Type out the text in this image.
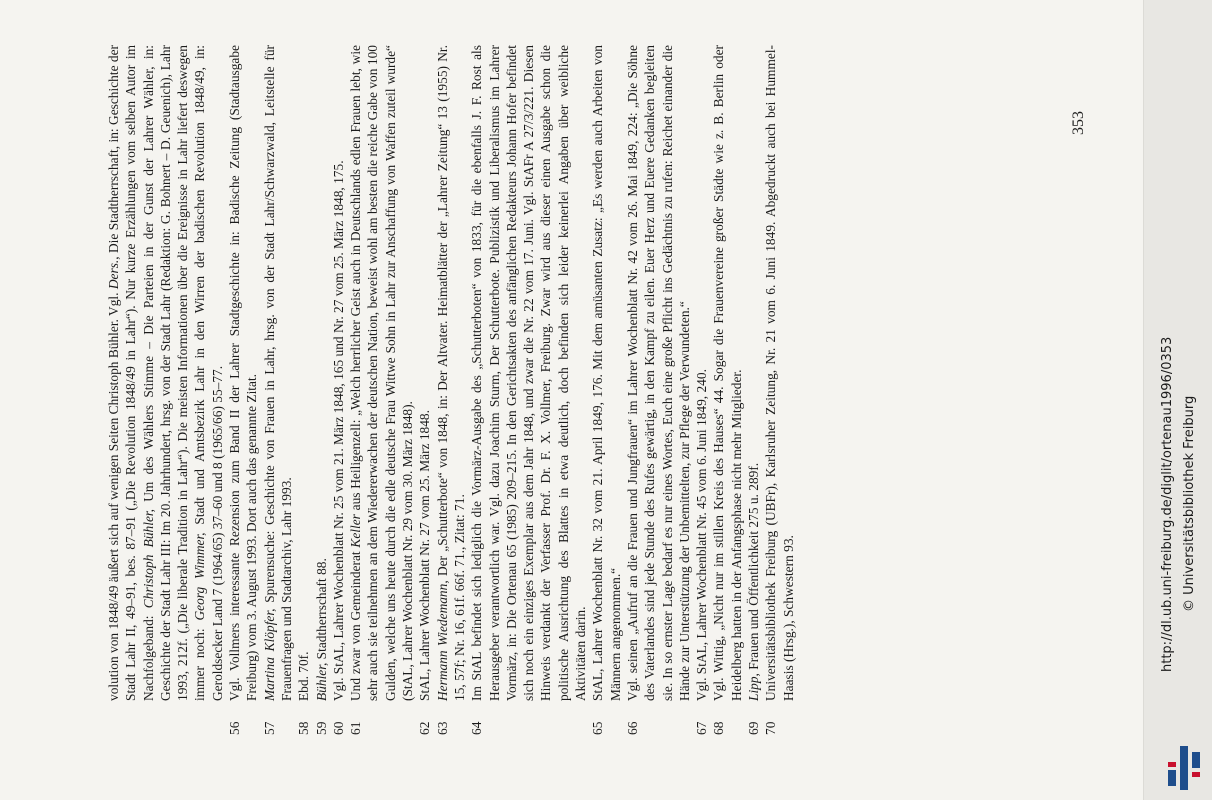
volution von 1848/49 äußert sich auf wenigen Seiten Christoph Bühler. Vgl. Ders., Die Stadtherrschaft, in: Geschichte der Stadt Lahr II, 49–91, bes. 87–91 („Die Revolution 1848/49 in Lahr“). Nur kurze Erzählungen vom selben Autor im Nachfolgeband: Christoph Bühler, Um des Wählers Stimme – Die Parteien in der Gunst der Lahrer Wähler, in: Geschichte der Stadt Lahr III: Im 20. Jahrhundert, hrsg. von der Stadt Lahr (Redaktion: G. Bohnert – D. Geuenich), Lahr 1993, 212f. („Die liberale Tradition in Lahr“). Die meisten Informationen über die Ereignisse in Lahr liefert deswegen immer noch: Georg Wimmer, Stadt und Amtsbezirk Lahr in den Wirren der badischen Revolution 1848/49, in: Geroldsecker Land 7 (1964/65) 37–60 und 8 (1965/66) 55–77.
56
Vgl. Vollmers interessante Rezension zum Band II der Lahrer Stadtgeschichte in: Badische Zeitung (Stadtausgabe Freiburg) vom 3. August 1993. Dort auch das genannte Zitat.
57
Martina Klöpfer, Spurensuche: Geschichte von Frauen in Lahr, hrsg. von der Stadt Lahr/Schwarzwald, Leitstelle für Frauenfragen und Stadtarchiv, Lahr 1993.
58
Ebd. 70f.
59
Bühler, Stadtherrschaft 88.
60
Vgl. StAL, Lahrer Wochenblatt Nr. 25 vom 21. März 1848, 165 und Nr. 27 vom 25. März 1848, 175.
61
Und zwar von Gemeinderat Keller aus Heiligenzell: „Welch herrlicher Geist auch in Deutschlands edlen Frauen lebt, wie sehr auch sie teilnehmen an dem Wiedererwachen der deutschen Nation, beweist wohl am besten die reiche Gabe von 100 Gulden, welche uns heute durch die edle deutsche Frau Wittwe Sohn in Lahr zur Anschaffung von Waffen zuteil wurde“ (StAL, Lahrer Wochenblatt Nr. 29 vom 30. März 1848).
62
StAL, Lahrer Wochenblatt Nr. 27 vom 25. März 1848.
63
Hermann Wiedemann, Der „Schutterbote“ von 1848, in: Der Altvater. Heimatblätter der „Lahrer Zeitung“ 13 (1955) Nr. 15, 57f; Nr. 16, 61f. 66f. 71., Zitat: 71.
64
Im StAL befindet sich lediglich die Vormärz-Ausgabe des „Schutterboten“ von 1833, für die ebenfalls J. F. Rost als Herausgeber verantwortlich war. Vgl. dazu Joachim Sturm, Der Schutterbote. Publizistik und Liberalismus im Lahrer Vormärz, in: Die Ortenau 65 (1985) 209–215. In den Gerichtsakten des anfänglichen Redakteurs Johann Hofer befindet sich noch ein einziges Exemplar aus dem Jahr 1848, und zwar die Nr. 22 vom 17. Juni. Vgl. StAFr A 27/3/221. Diesen Hinweis verdankt der Verfasser Prof. Dr. F. X. Vollmer, Freiburg. Zwar wird aus dieser einen Ausgabe schon die politische Ausrichtung des Blattes in etwa deutlich, doch befinden sich leider keinerlei Angaben über weibliche Aktivitäten darin.
65
StAL, Lahrer Wochenblatt Nr. 32 vom 21. April 1849, 176. Mit dem amüsanten Zusatz: „Es werden auch Arbeiten von Männern angenommen.“
66
Vgl. seinen „Aufruf an die Frauen und Jungfrauen“ im Lahrer Wochenblatt Nr. 42 vom 26. Mai 1849, 224: „Die Söhne des Vaterlandes sind jede Stunde des Rufes gewärtig, in den Kampf zu eilen. Euer Herz und Euere Gedanken begleiten sie. In so ernster Lage bedarf es nur eines Wortes, Euch eine große Pflicht ins Gedächtnis zu rufen: Reichet einander die Hände zur Unterstützung der Unbemittelten, zur Pflege der Verwundeten.“
67
Vgl. StAL, Lahrer Wochenblatt Nr. 45 vom 6. Juni 1849, 240.
68
Vgl. Wittig, „Nicht nur im stillen Kreis des Hauses“ 44. Sogar die Frauenvereine großer Städte wie z. B. Berlin oder Heidelberg hatten in der Anfangsphase nicht mehr Mitglieder.
69
Lipp, Frauen und Öffentlichkeit 275 u. 289f.
70
Universitätsbibliothek Freiburg (UBFr), Karlsruher Zeitung, Nr. 21 vom 6. Juni 1849. Abgedruckt auch bei Hummel-Haasis (Hrsg.), Schwestern 93.
353
http://dl.ub.uni-freiburg.de/diglit/ortenau1996/0353 © Universitätsbibliothek Freiburg
